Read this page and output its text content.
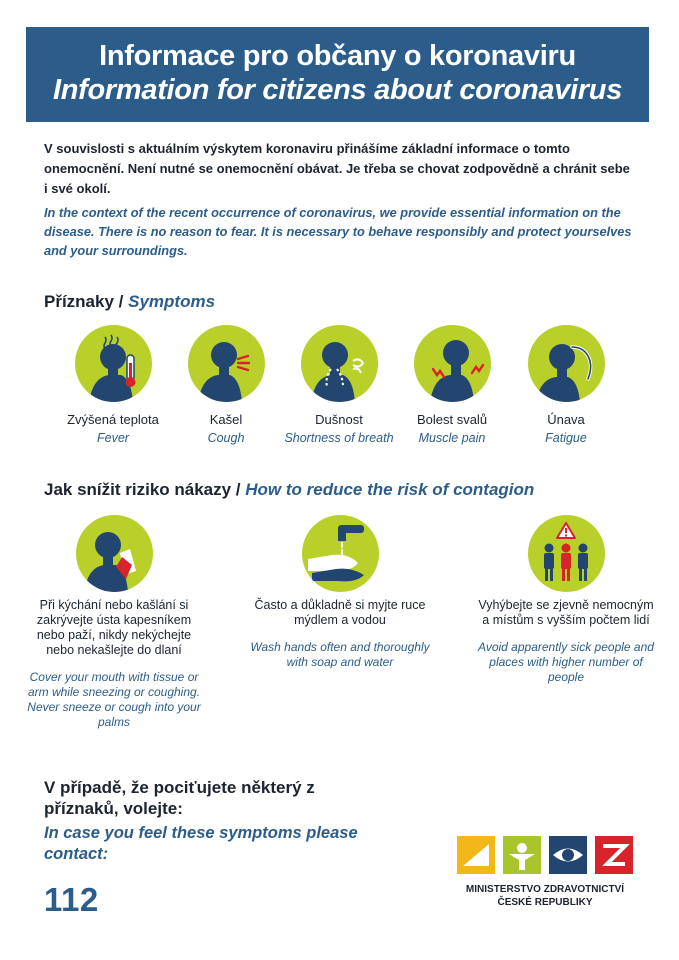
Informace pro občany o koronaviru
Information for citizens about coronavirus

V souvislosti s aktuálním výskytem koronaviru přinášíme základní informace o tomto onemocnění. Není nutné se onemocnění obávat. Je třeba se chovat zodpovědně a chránit sebe i své okolí.

In the context of the recent occurrence of coronavirus, we provide essential information on the disease. There is no reason to fear. It is necessary to behave responsibly and protect yourselves and your surroundings.

Příznaky / Symptoms
Zvýšená teplota
Fever
Kašel
Cough
Dušnost
Shortness of breath
Bolest svalů
Muscle pain
Únava
Fatigue
Jak snížit riziko nákazy / How to reduce the risk of contagion
Při kýchání nebo kašlání si zakrývejte ústa kapesníkem nebo paží, nikdy nekýchejte nebo nekašlejte do dlaní
Cover your mouth with tissue or arm while sneezing or coughing. Never sneeze or cough into your palms
Často a důkladně si myjte ruce mýdlem a vodou
Wash hands often and thoroughly with soap and water
Vyhýbejte se zjevně nemocným a místům s vyšším počtem lidí
Avoid apparently sick people and places with higher number of people
V případě, že pociťujete některý z příznaků, volejte:
In case you feel these symptoms please contact:
112	MINISTERSTVO ZDRAVOTNICTVÍ
ČESKÉ REPUBLIKY
